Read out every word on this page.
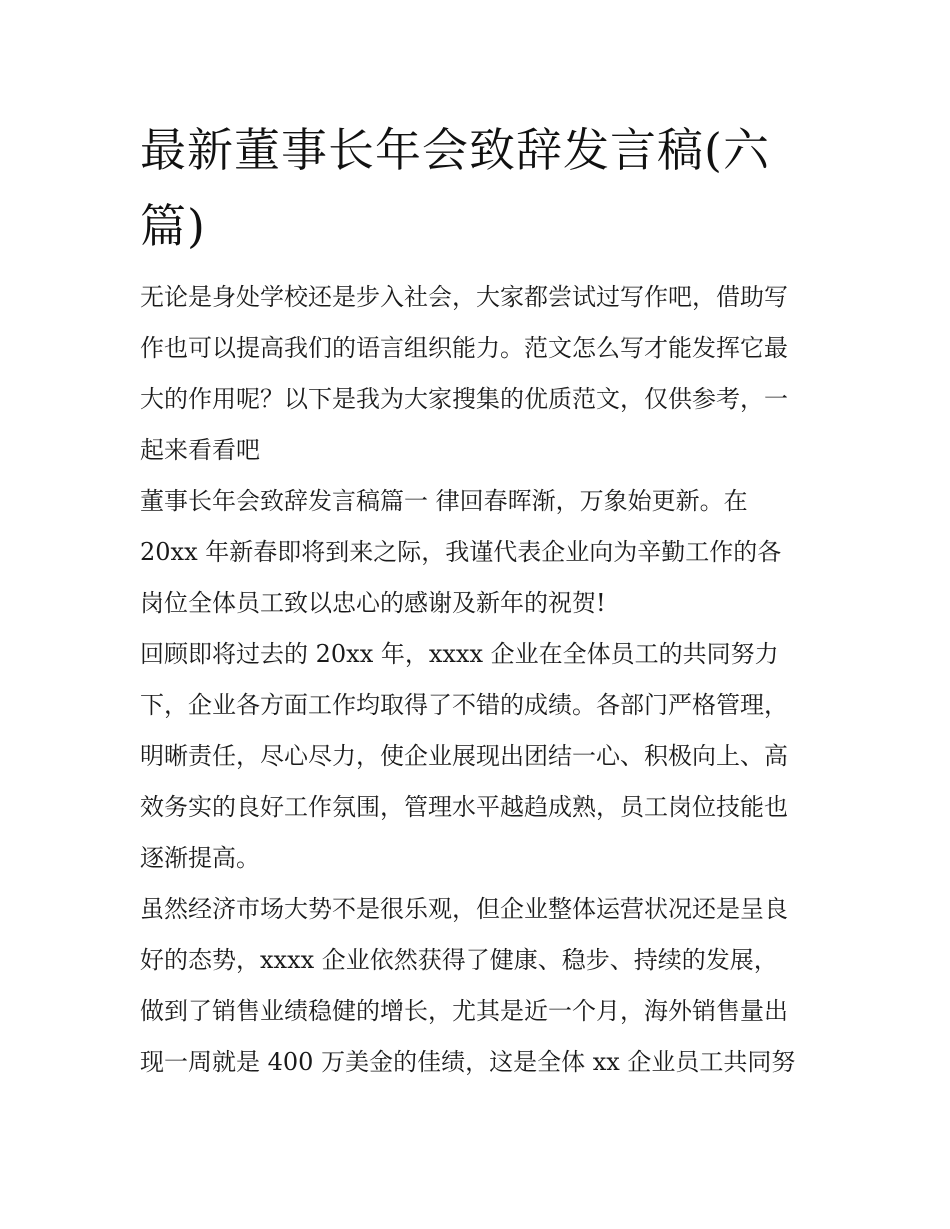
最新董事长年会致辞发言稿(六篇)
无论是身处学校还是步入社会，大家都尝试过写作吧，借助写
作也可以提高我们的语言组织能力。范文怎么写才能发挥它最
大的作用呢？以下是我为大家搜集的优质范文，仅供参考，一
起来看看吧
董事长年会致辞发言稿篇一 律回春晖渐，万象始更新。在
20xx 年新春即将到来之际，我谨代表企业向为辛勤工作的各
岗位全体员工致以忠心的感谢及新年的祝贺!
回顾即将过去的 20xx 年，xxxx 企业在全体员工的共同努力
下，企业各方面工作均取得了不错的成绩。各部门严格管理，
明晰责任，尽心尽力，使企业展现出团结一心、积极向上、高
效务实的良好工作氛围，管理水平越趋成熟，员工岗位技能也
逐渐提高。
虽然经济市场大势不是很乐观，但企业整体运营状况还是呈良
好的态势，xxxx 企业依然获得了健康、稳步、持续的发展，
做到了销售业绩稳健的增长，尤其是近一个月，海外销售量出
现一周就是 400 万美金的佳绩，这是全体 xx 企业员工共同努
